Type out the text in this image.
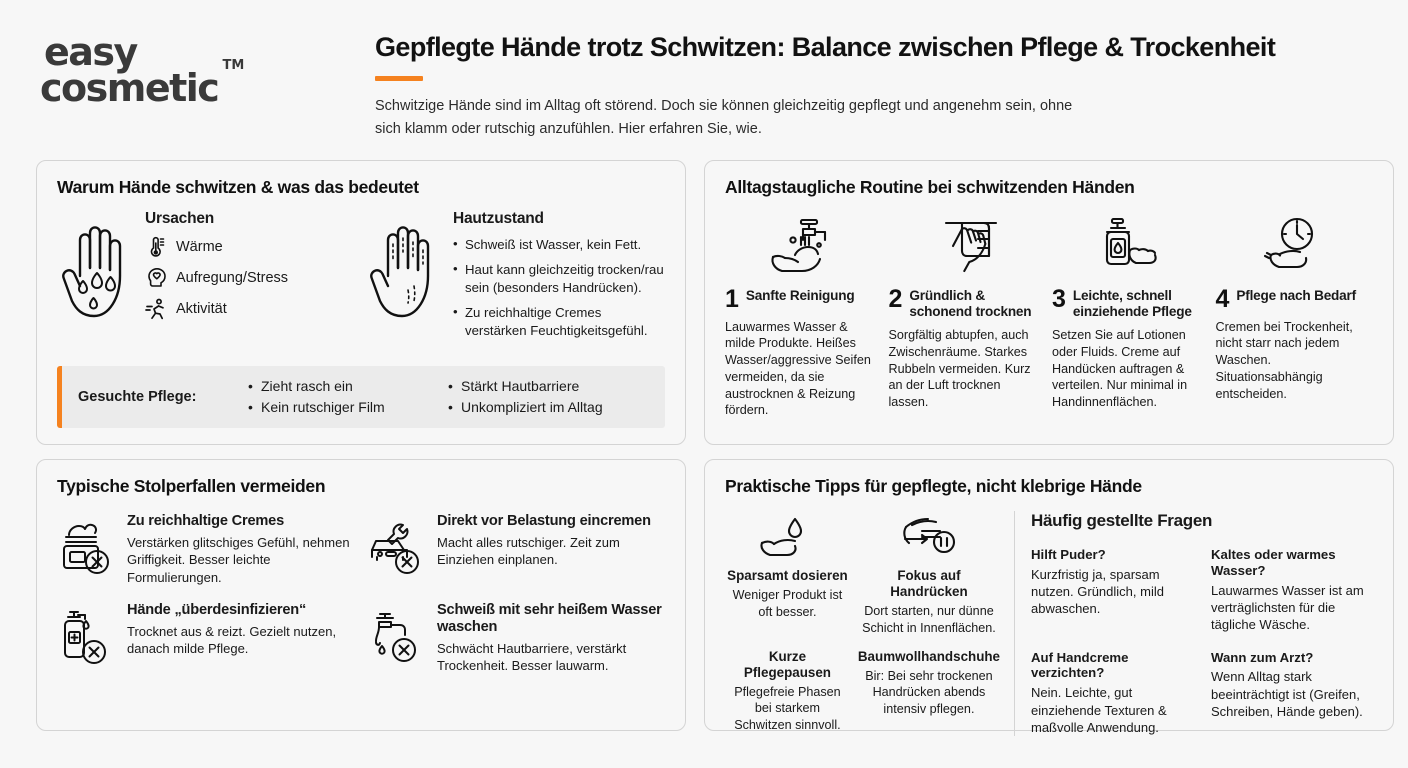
easy
cosmetic
TM
Gepflegte Hände trotz Schwitzen: Balance zwischen Pflege & Trockenheit
Schwitzige Hände sind im Alltag oft störend. Doch sie können gleichzeitig gepflegt und angenehm sein, ohne sich klamm oder rutschig anzufühlen. Hier erfahren Sie, wie.
Warum Hände schwitzen & was das bedeutet
Ursachen
Wärme
Aufregung/Stress
Aktivität
Hautzustand
• Schweiß ist Wasser, kein Fett.
• Haut kann gleichzeitig trocken/rau sein (besonders Handrücken).
• Zu reichhaltige Cremes verstärken Feuchtigkeitsgefühl.
Gesuchte Pflege:
• Zieht rasch ein
• Kein rutschiger Film
• Stärkt Hautbarriere
• Unkompliziert im Alltag
Alltagstaugliche Routine bei schwitzenden Händen
1 Sanfte Reinigung
Lauwarmes Wasser & milde Produkte. Heißes Wasser/aggressive Seifen vermeiden, da sie austrocknen & Reizung fördern.
2 Gründlich & schonend trocknen
Sorgfältig abtupfen, auch Zwischenräume. Starkes Rubbeln vermeiden. Kurz an der Luft trocknen lassen.
3 Leichte, schnell einziehende Pflege
Setzen Sie auf Lotionen oder Fluids. Creme auf Handücken auftragen & verteilen. Nur minimal in Handinnenflächen.
4 Pflege nach Bedarf
Cremen bei Trockenheit, nicht starr nach jedem Waschen. Situationsabhängig entscheiden.
Typische Stolperfallen vermeiden
Zu reichhaltige Cremes
Verstärken glitschiges Gefühl, nehmen Griffigkeit. Besser leichte Formulierungen.
Direkt vor Belastung eincremen
Macht alles rutschiger. Zeit zum Einziehen einplanen.
Hände „überdesinfizieren“
Trocknet aus & reizt. Gezielt nutzen, danach milde Pflege.
Schweiß mit sehr heißem Wasser waschen
Schwächt Hautbarriere, verstärkt Trockenheit. Besser lauwarm.
Praktische Tipps für gepflegte, nicht klebrige Hände
Sparsamt dosieren
Weniger Produkt ist oft besser.
Fokus auf Handrücken
Dort starten, nur dünne Schicht in Innenflächen.
Kurze Pflegepausen
Pflegefreie Phasen bei starkem Schwitzen sinnvoll.
Baumwollhandschuhe
Bir: Bei sehr trockenen Handrücken abends intensiv pflegen.
Häufig gestellte Fragen
Hilft Puder?
Kurzfristig ja, sparsam nutzen. Gründlich, mild abwaschen.
Kaltes oder warmes Wasser?
Lauwarmes Wasser ist am verträglichsten für die tägliche Wäsche.
Auf Handcreme verzichten?
Nein. Leichte, gut einziehende Texturen & maßvolle Anwendung.
Wann zum Arzt?
Wenn Alltag stark beeinträchtigt ist (Greifen, Schreiben, Hände geben).
